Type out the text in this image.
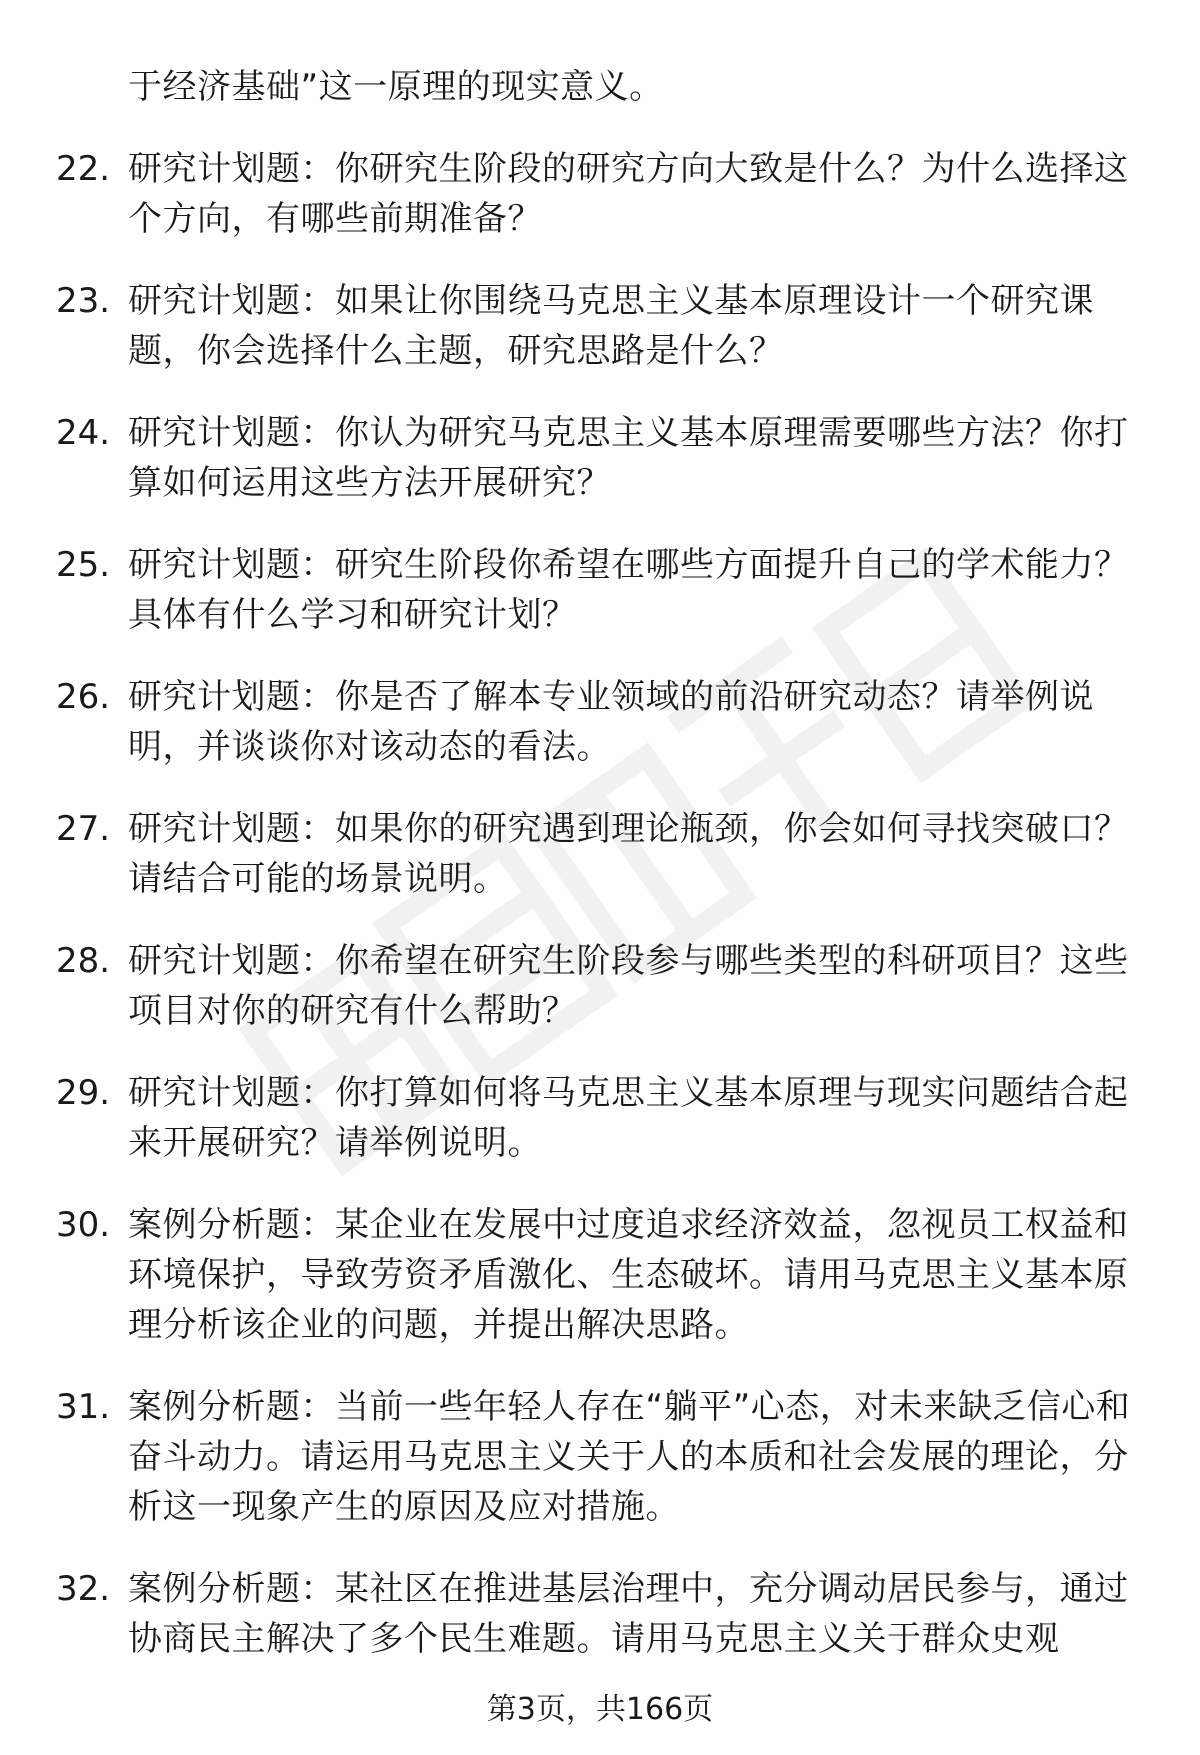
于经济基础”这一原理的现实意义。
22. 研究计划题：你研究生阶段的研究方向大致是什么？为什么选择这个方向，有哪些前期准备？
23. 研究计划题：如果让你围绕马克思主义基本原理设计一个研究课题，你会选择什么主题，研究思路是什么？
24. 研究计划题：你认为研究马克思主义基本原理需要哪些方法？你打算如何运用这些方法开展研究？
25. 研究计划题：研究生阶段你希望在哪些方面提升自己的学术能力？具体有什么学习和研究计划？
26. 研究计划题：你是否了解本专业领域的前沿研究动态？请举例说明，并谈谈你对该动态的看法。
27. 研究计划题：如果你的研究遇到理论瓶颈，你会如何寻找突破口？请结合可能的场景说明。
28. 研究计划题：你希望在研究生阶段参与哪些类型的科研项目？这些项目对你的研究有什么帮助？
29. 研究计划题：你打算如何将马克思主义基本原理与现实问题结合起来开展研究？请举例说明。
30. 案例分析题：某企业在发展中过度追求经济效益，忽视员工权益和环境保护，导致劳资矛盾激化、生态破坏。请用马克思主义基本原理分析该企业的问题，并提出解决思路。
31. 案例分析题：当前一些年轻人存在“躺平”心态，对未来缺乏信心和奋斗动力。请运用马克思主义关于人的本质和社会发展的理论，分析这一现象产生的原因及应对措施。
32. 案例分析题：某社区在推进基层治理中，充分调动居民参与，通过协商民主解决了多个民生难题。请用马克思主义关于群众史观
第3页，共166页
